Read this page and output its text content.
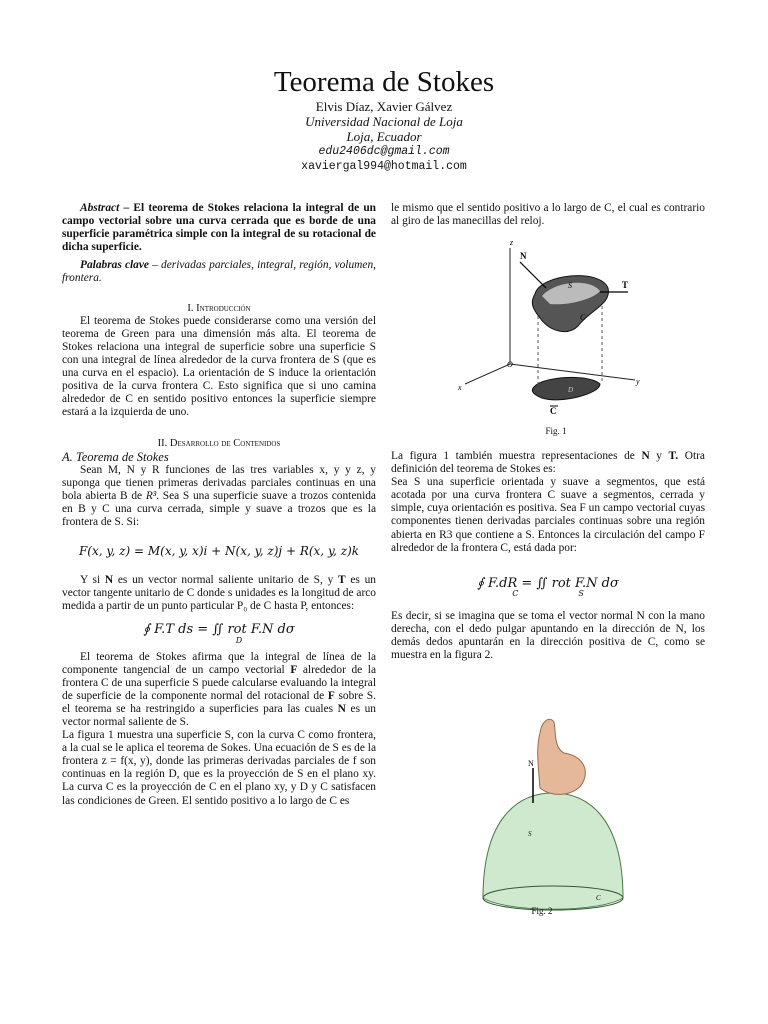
Teorema de Stokes
Elvis Díaz, Xavier Gálvez
Universidad Nacional de Loja
Loja, Ecuador
edu2406dc@gmail.com
xaviergal994@hotmail.com

Abstract – El teorema de Stokes relaciona la integral de un campo vectorial sobre una curva cerrada que es borde de una superficie paramétrica simple con la integral de su rotacional de dicha superficie.

Palabras clave – derivadas parciales, integral, región, volumen, frontera.

I. Introducción

El teorema de Stokes puede considerarse como una versión del teorema de Green para una dimensión más alta. El teorema de Stokes relaciona una integral de superficie sobre una superficie S con una integral de línea alrededor de la curva frontera de S (que es una curva en el espacio). La orientación de S induce la orientación positiva de la curva frontera C. Esto significa que si uno camina alrededor de C en sentido positivo entonces la superficie siempre estará a la izquierda de uno.

II. Desarrollo de Contenidos

A. Teorema de Stokes

Sean M, N y R funciones de las tres variables x, y y z, y suponga que tienen primeras derivadas parciales continuas en una bola abierta B de R³. Sea S una superficie suave a trozos contenida en B y C una curva cerrada, simple y suave a trozos que es la frontera de S. Si:

F(x, y, z) = M(x, y, x)i + N(x, y, z)j + R(x, y, z)k

Y si N es un vector normal saliente unitario de S, y T es un vector tangente unitario de C donde s unidades es la longitud de arco medida a partir de un punto particular P₀ de C hasta P, entonces:

∮ F.T ds = ∬ rot F.N dσ
D

El teorema de Stokes afirma que la integral de línea de la componente tangencial de un campo vectorial F alrededor de la frontera C de una superficie S puede calcularse evaluando la integral de superficie de la componente normal del rotacional de F sobre S. el teorema se ha restringido a superficies para las cuales N es un vector normal saliente de S.

La figura 1 muestra una superficie S, con la curva C como frontera, a la cual se le aplica el teorema de Sokes. Una ecuación de S es de la frontera z = f(x, y), donde las primeras derivadas parciales de f son continuas en la región D, que es la proyección de S en el plano xy. La curva C es la proyección de C en el plano xy, y D y C satisfacen las condiciones de Green. El sentido positivo a lo largo de C es

le mismo que el sentido positivo a lo largo de C, el cual es contrario al giro de las manecillas del reloj.

z
N
S	T
C
O
x
y
D
C
Fig. 1

La figura 1 también muestra representaciones de N y T. Otra definición del teorema de Stokes es:

Sea S una superficie orientada y suave a segmentos, que está acotada por una curva frontera C suave a segmentos, cerrada y simple, cuya orientación es positiva. Sea F un campo vectorial cuyas componentes tienen derivadas parciales continuas sobre una región abierta en R3 que contiene a S. Entonces la circulación del campo F alrededor de la frontera C, está dada por:

∮ F.dR = ∬ rot F.N dσ
C	S

Es decir, si se imagina que se toma el vector normal N con la mano derecha, con el dedo pulgar apuntando en la dirección de N, los demás dedos apuntarán en la dirección positiva de C, como se muestra en la figura 2.

N
S
C
Fig. 2
